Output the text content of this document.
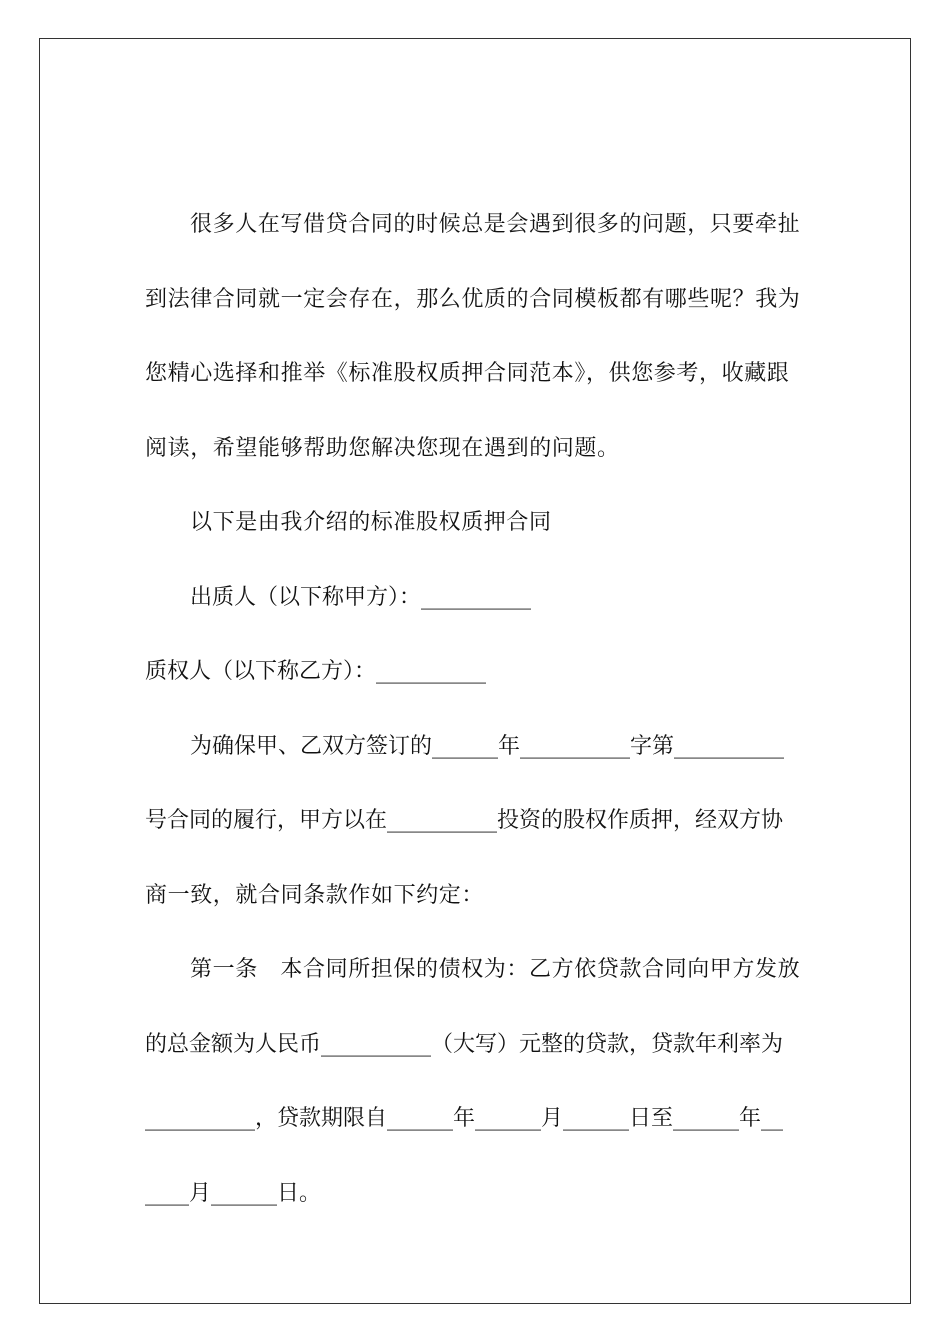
很多人在写借贷合同的时候总是会遇到很多的问题，只要牵扯
到法律合同就一定会存在，那么优质的合同模板都有哪些呢？我为
您精心选择和推举《标准股权质押合同范本》，供您参考，收藏跟
阅读，希望能够帮助您解决您现在遇到的问题。
以下是由我介绍的标准股权质押合同
出质人（以下称甲方）：__________
质权人（以下称乙方）：__________
为确保甲、乙双方签订的______年__________字第__________
号合同的履行，甲方以在__________投资的股权作质押，经双方协
商一致，就合同条款作如下约定：
第一条　本合同所担保的债权为：乙方依贷款合同向甲方发放
的总金额为人民币__________（大写）元整的贷款，贷款年利率为
__________，贷款期限自______年______月______日至______年__
____月______日。
